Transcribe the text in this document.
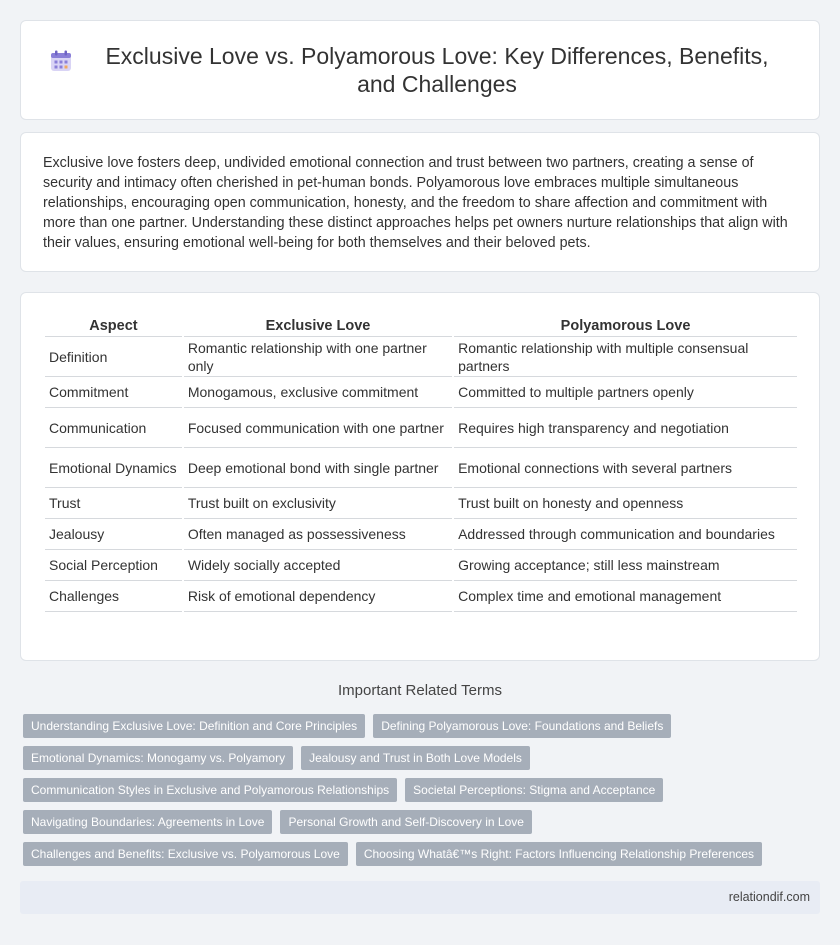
Exclusive Love vs. Polyamorous Love: Key Differences, Benefits, and Challenges

Exclusive love fosters deep, undivided emotional connection and trust between two partners, creating a sense of security and intimacy often cherished in pet-human bonds. Polyamorous love embraces multiple simultaneous relationships, encouraging open communication, honesty, and the freedom to share affection and commitment with more than one partner. Understanding these distinct approaches helps pet owners nurture relationships that align with their values, ensuring emotional well-being for both themselves and their beloved pets.

Aspect	Exclusive Love	Polyamorous Love
Definition	Romantic relationship with one partner only	Romantic relationship with multiple consensual partners
Commitment	Monogamous, exclusive commitment	Committed to multiple partners openly
Communication	Focused communication with one partner	Requires high transparency and negotiation
Emotional Dynamics	Deep emotional bond with single partner	Emotional connections with several partners
Trust	Trust built on exclusivity	Trust built on honesty and openness
Jealousy	Often managed as possessiveness	Addressed through communication and boundaries
Social Perception	Widely socially accepted	Growing acceptance; still less mainstream
Challenges	Risk of emotional dependency	Complex time and emotional management
Important Related Terms
Understanding Exclusive Love: Definition and Core Principles	Defining Polyamorous Love: Foundations and Beliefs
Emotional Dynamics: Monogamy vs. Polyamory	Jealousy and Trust in Both Love Models
Communication Styles in Exclusive and Polyamorous Relationships	Societal Perceptions: Stigma and Acceptance
Navigating Boundaries: Agreements in Love	Personal Growth and Self-Discovery in Love
Challenges and Benefits: Exclusive vs. Polyamorous Love	Choosing Whatâ€™s Right: Factors Influencing Relationship Preferences
relationdif.com
